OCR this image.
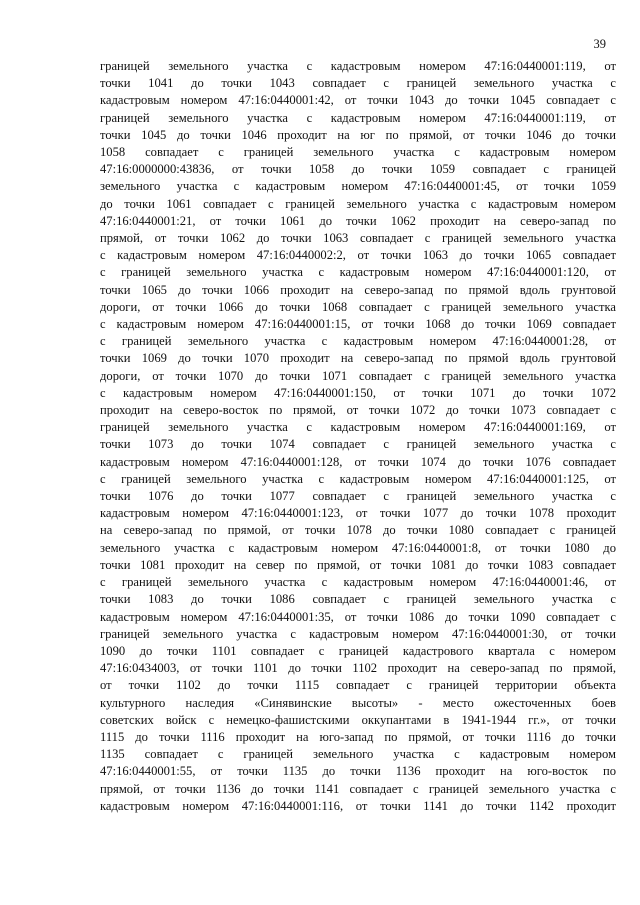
39
границей земельного участка с кадастровым номером 47:16:0440001:119, от
точки 1041 до точки 1043 совпадает с границей земельного участка с
кадастровым номером 47:16:0440001:42, от точки 1043 до точки 1045 совпадает с
границей земельного участка с кадастровым номером 47:16:0440001:119, от
точки 1045 до точки 1046 проходит на юг по прямой, от точки 1046 до точки
1058 совпадает с границей земельного участка с кадастровым номером
47:16:0000000:43836, от точки 1058 до точки 1059 совпадает с границей
земельного участка с кадастровым номером 47:16:0440001:45, от точки 1059
до точки 1061 совпадает с границей земельного участка с кадастровым номером
47:16:0440001:21, от точки 1061 до точки 1062 проходит на северо-запад по
прямой, от точки 1062 до точки 1063 совпадает с границей земельного участка
с кадастровым номером 47:16:0440002:2, от точки 1063 до точки 1065 совпадает
с границей земельного участка с кадастровым номером 47:16:0440001:120, от
точки 1065 до точки 1066 проходит на северо-запад по прямой вдоль грунтовой
дороги, от точки 1066 до точки 1068 совпадает с границей земельного участка
с кадастровым номером 47:16:0440001:15, от точки 1068 до точки 1069 совпадает
с границей земельного участка с кадастровым номером 47:16:0440001:28, от
точки 1069 до точки 1070 проходит на северо-запад по прямой вдоль грунтовой
дороги, от точки 1070 до точки 1071 совпадает с границей земельного участка
с кадастровым номером 47:16:0440001:150, от точки 1071 до точки 1072
проходит на северо-восток по прямой, от точки 1072 до точки 1073 совпадает с
границей земельного участка с кадастровым номером 47:16:0440001:169, от
точки 1073 до точки 1074 совпадает с границей земельного участка с
кадастровым номером 47:16:0440001:128, от точки 1074 до точки 1076 совпадает
с границей земельного участка с кадастровым номером 47:16:0440001:125, от
точки 1076 до точки 1077 совпадает с границей земельного участка с
кадастровым номером 47:16:0440001:123, от точки 1077 до точки 1078 проходит
на северо-запад по прямой, от точки 1078 до точки 1080 совпадает с границей
земельного участка с кадастровым номером 47:16:0440001:8, от точки 1080 до
точки 1081 проходит на север по прямой, от точки 1081 до точки 1083 совпадает
с границей земельного участка с кадастровым номером 47:16:0440001:46, от
точки 1083 до точки 1086 совпадает с границей земельного участка с
кадастровым номером 47:16:0440001:35, от точки 1086 до точки 1090 совпадает с
границей земельного участка с кадастровым номером 47:16:0440001:30, от точки
1090 до точки 1101 совпадает с границей кадастрового квартала с номером
47:16:0434003, от точки 1101 до точки 1102 проходит на северо-запад по прямой,
от точки 1102 до точки 1115 совпадает с границей территории объекта
культурного наследия «Синявинские высоты» - место ожесточенных боев
советских войск с немецко-фашистскими оккупантами в 1941-1944 гг.», от точки
1115 до точки 1116 проходит на юго-запад по прямой, от точки 1116 до точки
1135 совпадает с границей земельного участка с кадастровым номером
47:16:0440001:55, от точки 1135 до точки 1136 проходит на юго-восток по
прямой, от точки 1136 до точки 1141 совпадает с границей земельного участка с
кадастровым номером 47:16:0440001:116, от точки 1141 до точки 1142 проходит
